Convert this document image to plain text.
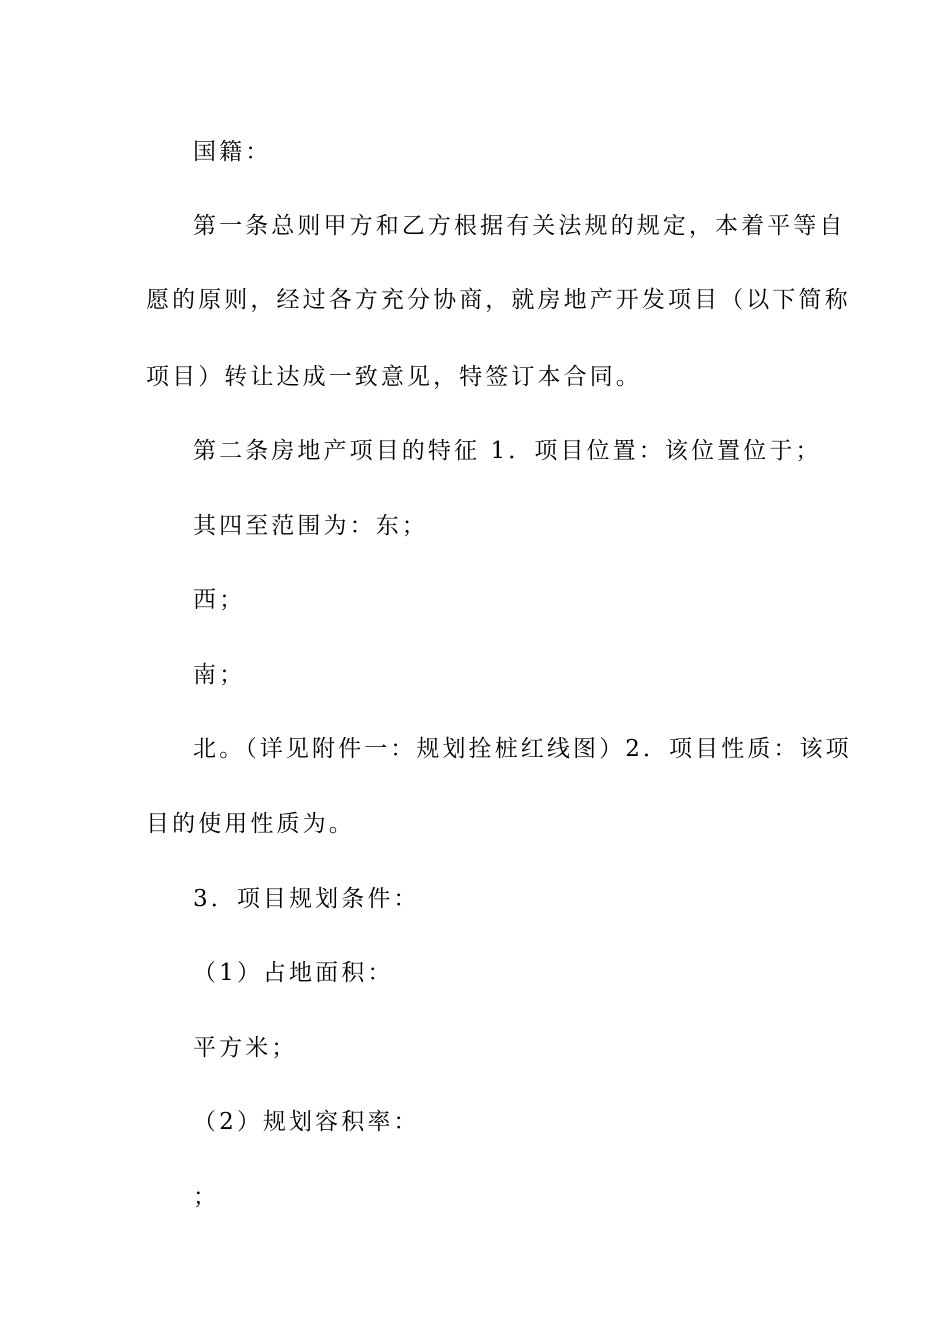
国籍：
第一条总则甲方和乙方根据有关法规的规定，本着平等自
愿的原则，经过各方充分协商，就房地产开发项目（以下简称
项目）转让达成一致意见，特签订本合同。
第二条房地产项目的特征 1．项目位置：该位置位于；
其四至范围为：东；
西；
南；
北。（详见附件一：规划拴桩红线图）2．项目性质：该项
目的使用性质为。
3．项目规划条件：
（1）占地面积：
平方米；
（2）规划容积率：
；
